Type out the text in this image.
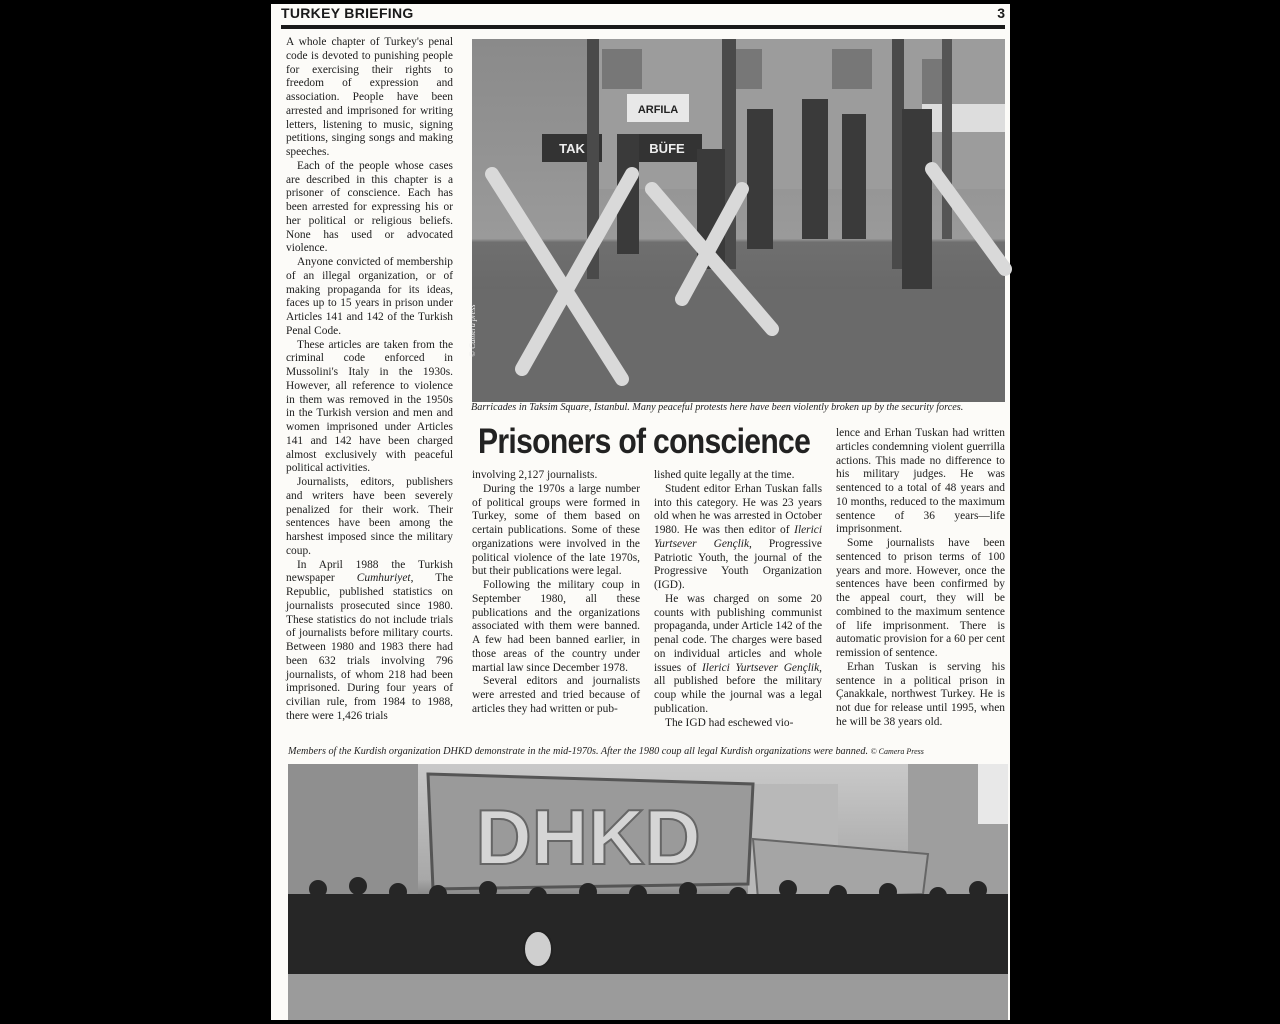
TURKEY BRIEFING	3

A whole chapter of Turkey's penal code is devoted to punishing people for exercising their rights to freedom of expression and association. People have been arrested and imprisoned for writing letters, listening to music, signing petitions, singing songs and making speeches.

Each of the people whose cases are described in this chapter is a prisoner of conscience. Each has been arrested for expressing his or her political or religious beliefs. None has used or advocated violence.

Anyone convicted of membership of an illegal organization, or of making propaganda for its ideas, faces up to 15 years in prison under Articles 141 and 142 of the Turkish Penal Code.

These articles are taken from the criminal code enforced in Mussolini's Italy in the 1930s. However, all reference to violence in them was removed in the 1950s in the Turkish version and men and women imprisoned under Articles 141 and 142 have been charged almost exclusively with peaceful political activities.

Journalists, editors, publishers and writers have been severely penalized for their work. Their sentences have been among the harshest imposed since the military coup.

In April 1988 the Turkish newspaper Cumhuriyet, The Republic, published statistics on journalists prosecuted since 1980. These statistics do not include trials of journalists before military courts. Between 1980 and 1983 there had been 632 trials involving 796 journalists, of whom 218 had been imprisoned. During four years of civilian rule, from 1984 to 1988, there were 1,426 trials

ARFILA
TAK	BÜFE
© Camera press
Barricades in Taksim Square, Istanbul. Many peaceful protests here have been violently broken up by the security forces.
Prisoners of conscience

involving 2,127 journalists.

During the 1970s a large number of political groups were formed in Turkey, some of them based on certain publications. Some of these organizations were involved in the political violence of the late 1970s, but their publications were legal.

Following the military coup in September 1980, all these publications and the organizations associated with them were banned. A few had been banned earlier, in those areas of the country under martial law since December 1978.

Several editors and journalists were arrested and tried because of articles they had written or pub-

lished quite legally at the time.

Student editor Erhan Tuskan falls into this category. He was 23 years old when he was arrested in October 1980. He was then editor of Ilerici Yurtsever Gençlik, Progressive Patriotic Youth, the journal of the Progressive Youth Organization (IGD).

He was charged on some 20 counts with publishing communist propaganda, under Article 142 of the penal code. The charges were based on individual articles and whole issues of Ilerici Yurtsever Gençlik, all published before the military coup while the journal was a legal publication.

The IGD had eschewed vio-

lence and Erhan Tuskan had written articles condemning violent guerrilla actions. This made no difference to his military judges. He was sentenced to a total of 48 years and 10 months, reduced to the maximum sentence of 36 years—life imprisonment.

Some journalists have been sentenced to prison terms of 100 years and more. However, once the sentences have been confirmed by the appeal court, they will be combined to the maximum sentence of life imprisonment. There is automatic provision for a 60 per cent remission of sentence.

Erhan Tuskan is serving his sentence in a political prison in Çanakkale, northwest Turkey. He is not due for release until 1995, when he will be 38 years old.

Members of the Kurdish organization DHKD demonstrate in the mid-1970s. After the 1980 coup all legal Kurdish organizations were banned. © Camera Press
DHKD
